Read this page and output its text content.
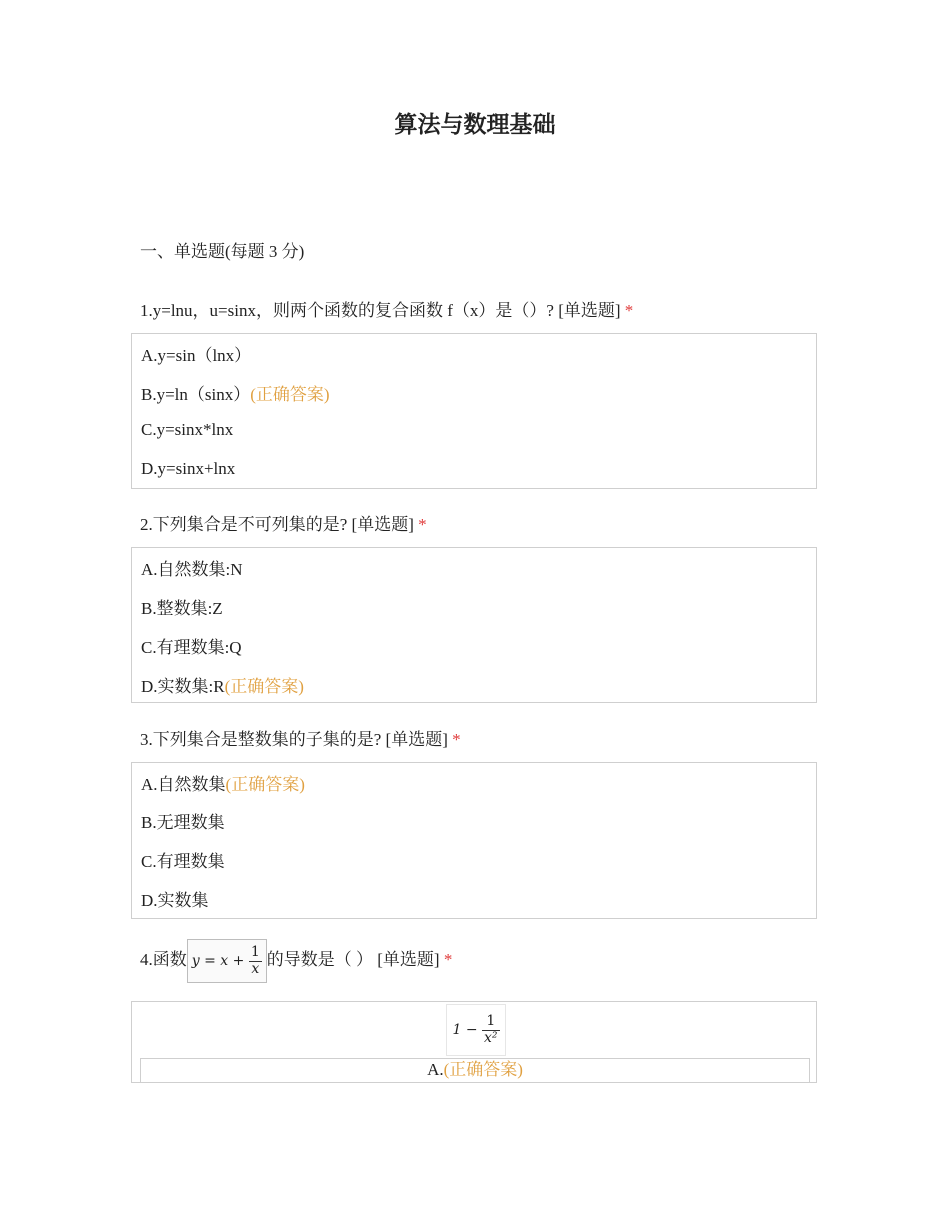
算法与数理基础
一、单选题(每题 3 分)
1.y=lnu，u=sinx，则两个函数的复合函数 f（x）是（）? [单选题] *
A.y=sin（lnx）
B.y=ln（sinx）(正确答案)
C.y=sinx*lnx
D.y=sinx+lnx
2.下列集合是不可列集的是? [单选题] *
A.自然数集:N
B.整数集:Z
C.有理数集:Q
D.实数集:R(正确答案)
3.下列集合是整数集的子集的是? [单选题] *
A.自然数集(正确答案)
B.无理数集
C.有理数集
D.实数集
4.函数 $y = x + \frac{1}{x}$ 的导数是（ ） [单选题] *
$1 - \frac{1}{\text{x²}}$
A.(正确答案)
